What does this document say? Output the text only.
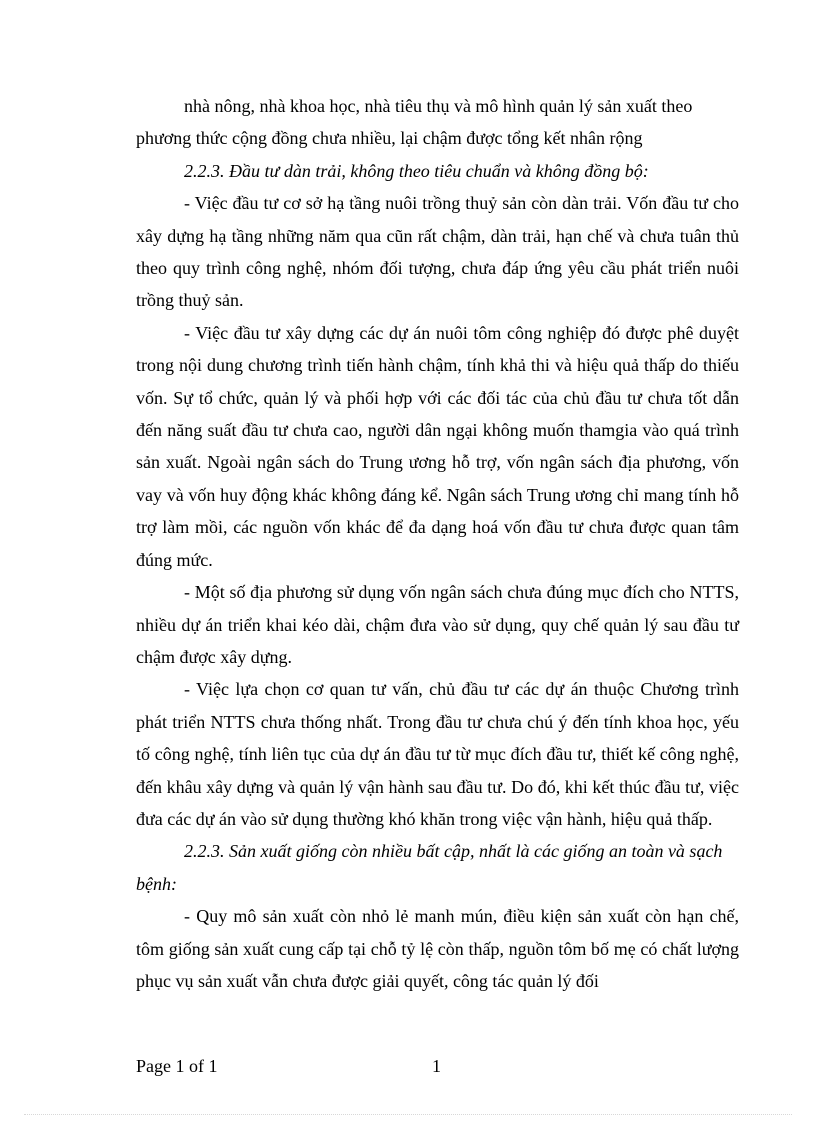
nhà nông, nhà khoa học, nhà tiêu thụ và mô hình quản lý sản xuất theo phương thức cộng đồng chưa nhiều, lại chậm được tổng kết nhân rộng

2.2.3. Đầu tư dàn trải, không theo tiêu chuẩn và không đồng bộ:

- Việc đầu tư cơ sở hạ tầng nuôi trồng thuỷ sản còn dàn trải. Vốn đầu tư cho xây dựng hạ tầng những năm qua cũn rất chậm, dàn trải, hạn chế và chưa tuân thủ theo quy trình công nghệ, nhóm đối tượng, chưa đáp ứng yêu cầu phát triển nuôi trồng thuỷ sản.

- Việc đầu tư xây dựng các dự án nuôi tôm công nghiệp đó được phê duyệt trong nội dung chương trình tiến hành chậm, tính khả thi và hiệu quả thấp do thiếu vốn. Sự tổ chức, quản lý và phối hợp với các đối tác của chủ đầu tư chưa tốt dẫn đến năng suất đầu tư chưa cao, người dân ngại không muốn thamgia vào quá trình sản xuất. Ngoài ngân sách do Trung ương hỗ trợ, vốn ngân sách địa phương, vốn vay và vốn huy động khác không đáng kể. Ngân sách Trung ương chỉ mang tính hỗ trợ làm mồi, các nguồn vốn khác để đa dạng hoá vốn đầu tư chưa được quan tâm đúng mức.

- Một số địa phương sử dụng vốn ngân sách chưa đúng mục đích cho NTTS, nhiều dự án triển khai kéo dài, chậm đưa vào sử dụng, quy chế quản lý sau đầu tư chậm được xây dựng.

- Việc lựa chọn cơ quan tư vấn, chủ đầu tư các dự án thuộc Chương trình phát triển NTTS chưa thống nhất. Trong đầu tư chưa chú ý đến tính khoa học, yếu tố công nghệ, tính liên tục của dự án đầu tư từ mục đích đầu tư, thiết kế công nghệ, đến khâu xây dựng và quản lý vận hành sau đầu tư. Do đó, khi kết thúc đầu tư, việc đưa các dự án vào sử dụng thường khó khăn trong việc vận hành, hiệu quả thấp.

2.2.3. Sản xuất giống còn nhiều bất cập, nhất là các giống an toàn và sạch bệnh:

- Quy mô sản xuất còn nhỏ lẻ manh mún, điều kiện sản xuất còn hạn chế, tôm giống sản xuất cung cấp tại chỗ tỷ lệ còn thấp, nguồn tôm bố mẹ có chất lượng phục vụ sản xuất vẫn chưa được giải quyết, công tác quản lý đối

Page 1 of 1	1
